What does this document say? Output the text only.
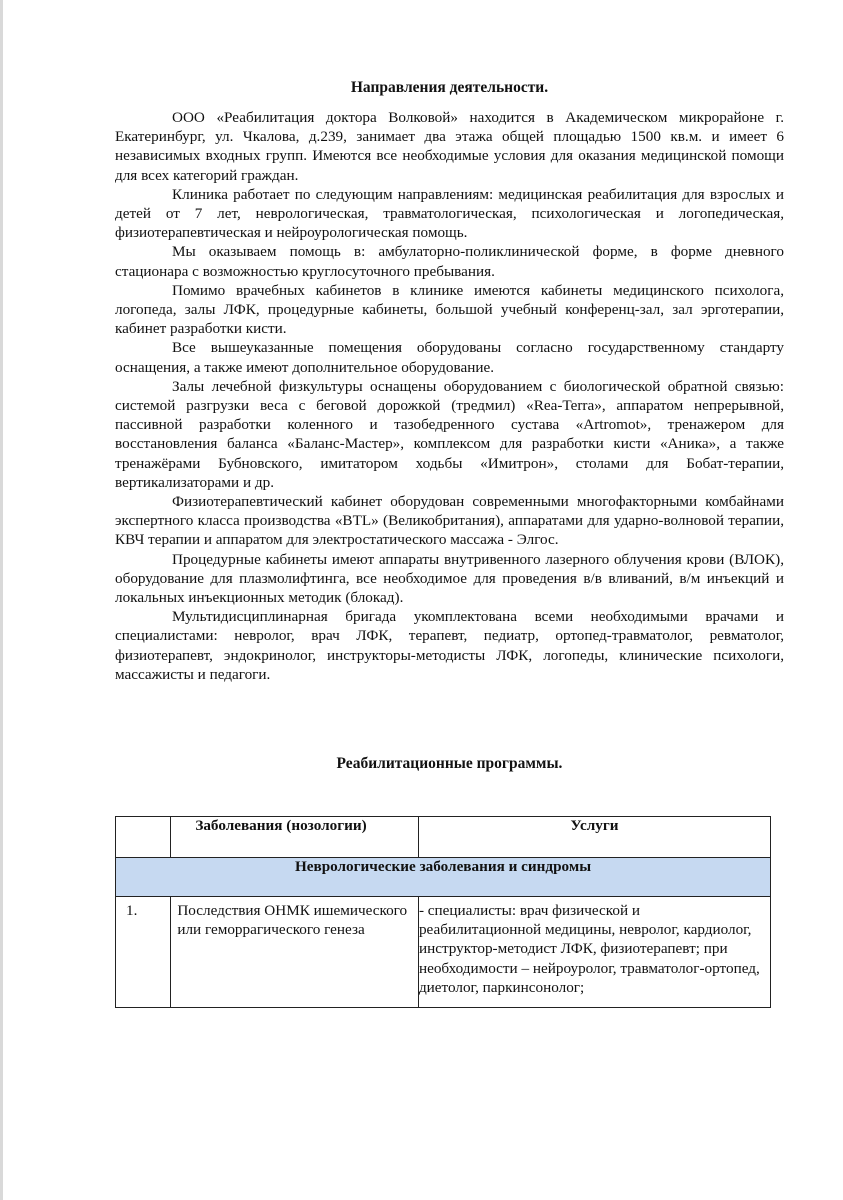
Направления деятельности.

ООО «Реабилитация доктора Волковой» находится в Академическом микрорайоне г. Екатеринбург, ул. Чкалова, д.239, занимает два этажа общей площадью 1500 кв.м. и имеет 6 независимых входных групп. Имеются все необходимые условия для оказания медицинской помощи для всех категорий граждан.

Клиника работает по следующим направлениям: медицинская реабилитация для взрослых и детей от 7 лет, неврологическая, травматологическая, психологическая и логопедическая, физиотерапевтическая и нейроурологическая помощь.

Мы оказываем помощь в: амбулаторно-поликлинической форме, в форме дневного стационара с возможностью круглосуточного пребывания.

Помимо врачебных кабинетов в клинике имеются кабинеты медицинского психолога, логопеда, залы ЛФК, процедурные кабинеты, большой учебный конференц-зал, зал эрготерапии, кабинет разработки кисти.

Все вышеуказанные помещения оборудованы согласно государственному стандарту оснащения, а также имеют дополнительное оборудование.

Залы лечебной физкультуры оснащены оборудованием с биологической обратной связью: системой разгрузки веса с беговой дорожкой (тредмил) «Rea-Terra», аппаратом непрерывной, пассивной разработки коленного и тазобедренного сустава «Artromot», тренажером для восстановления баланса «Баланс-Мастер», комплексом для разработки кисти «Аника», а также тренажёрами Бубновского, имитатором ходьбы «Имитрон», столами для Бобат-терапии, вертикализаторами и др.

Физиотерапевтический кабинет оборудован современными многофакторными комбайнами экспертного класса производства «BTL» (Великобритания), аппаратами для ударно-волновой терапии, КВЧ терапии и аппаратом для электростатического массажа - Элгос.

Процедурные кабинеты имеют аппараты внутривенного лазерного облучения крови (ВЛОК), оборудование для плазмолифтинга, все необходимое для проведения в/в вливаний, в/м инъекций и локальных инъекционных методик (блокад).

Мультидисциплинарная бригада укомплектована всеми необходимыми врачами и специалистами: невролог, врач ЛФК, терапевт, педиатр, ортопед-травматолог, ревматолог, физиотерапевт, эндокринолог, инструкторы-методисты ЛФК, логопеды, клинические психологи, массажисты и педагоги.

Реабилитационные программы.
	Заболевания (нозологии)	Услуги
Неврологические заболевания и синдромы		
1.	Последствия ОНМК ишемического или геморрагического генеза	- специалисты: врач физической и реабилитационной медицины, невролог, кардиолог, инструктор-методист ЛФК, физиотерапевт; при необходимости – нейроуролог, травматолог-ортопед, диетолог, паркинсонолог;
